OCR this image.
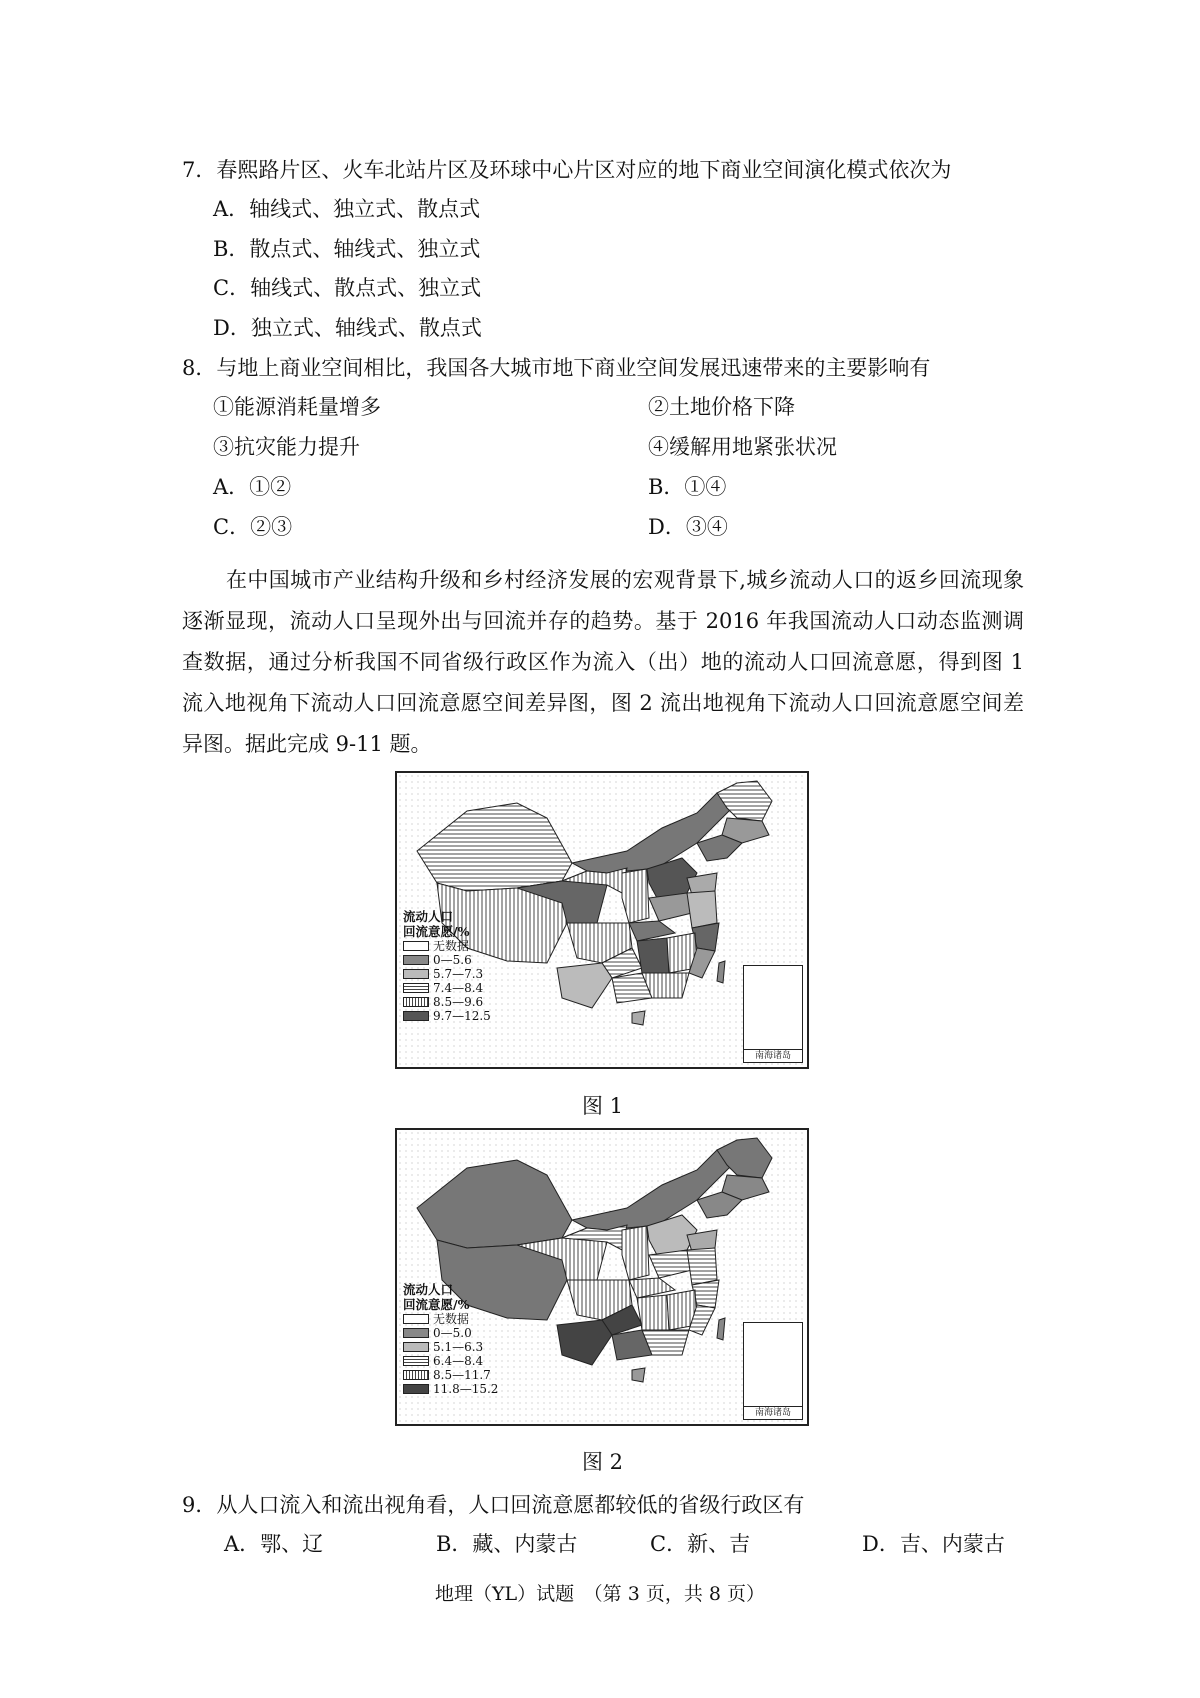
7．春熙路片区、火车北站片区及环球中心片区对应的地下商业空间演化模式依次为
A．轴线式、独立式、散点式
B．散点式、轴线式、独立式
C．轴线式、散点式、独立式
D．独立式、轴线式、散点式
8．与地上商业空间相比，我国各大城市地下商业空间发展迅速带来的主要影响有
①能源消耗量增多	②土地价格下降
③抗灾能力提升	④缓解用地紧张状况
A．①②	B．①④
C．②③	D．③④

在中国城市产业结构升级和乡村经济发展的宏观背景下,城乡流动人口的返乡回流现象逐渐显现，流动人口呈现外出与回流并存的趋势。基于 2016 年我国流动人口动态监测调查数据，通过分析我国不同省级行政区作为流入（出）地的流动人口回流意愿，得到图 1 流入地视角下流动人口回流意愿空间差异图，图 2 流出地视角下流动人口回流意愿空间差异图。据此完成 9-11 题。

流动人口
回流意愿/%
无数据
0—5.6
5.7—7.3
7.4—8.4
8.5—9.6
9.7—12.5
南海诸岛
图 1
流动人口
回流意愿/%
无数据
0—5.0
5.1—6.3
6.4—8.4
8.5—11.7
11.8—15.2
南海诸岛
图 2
9．从人口流入和流出视角看，人口回流意愿都较低的省级行政区有
A．鄂、辽	B．藏、内蒙古	C．新、吉	D．吉、内蒙古
地理（YL）试题　（第 3 页，共 8 页）
